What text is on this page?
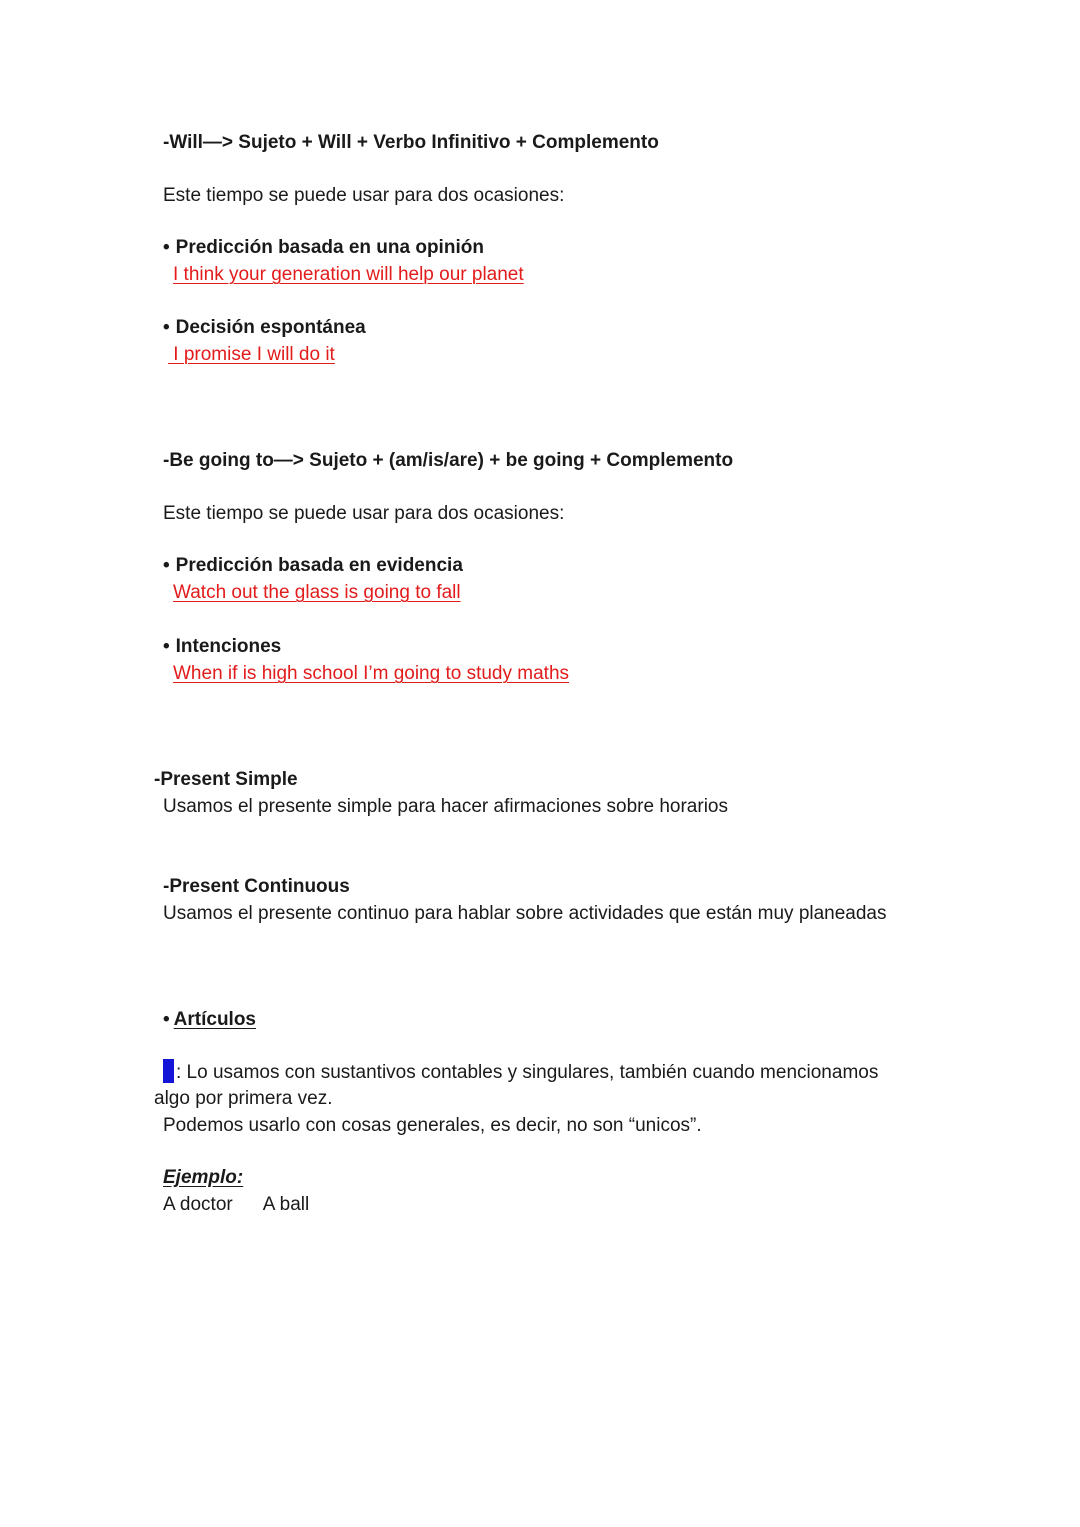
-Will—> Sujeto + Will + Verbo Infinitivo + Complemento
Este tiempo se puede usar para dos ocasiones:
• Predicción basada en una opinión
I think your generation will help our planet
• Decisión espontánea
I promise I will do it
-Be going to—> Sujeto + (am/is/are) + be going + Complemento
Este tiempo se puede usar para dos ocasiones:
• Predicción basada en evidencia
Watch out the glass is going to fall
• Intenciones
When if is high school I’m going to study maths
-Present Simple
Usamos el presente simple para hacer afirmaciones sobre horarios
-Present Continuous
Usamos el presente continuo para hablar sobre actividades que están muy planeadas
• Artículos
: Lo usamos con sustantivos contables y singulares, también cuando mencionamos
algo por primera vez.
Podemos usarlo con cosas generales, es decir, no son “unicos”.
Ejemplo:
A doctor A ball
